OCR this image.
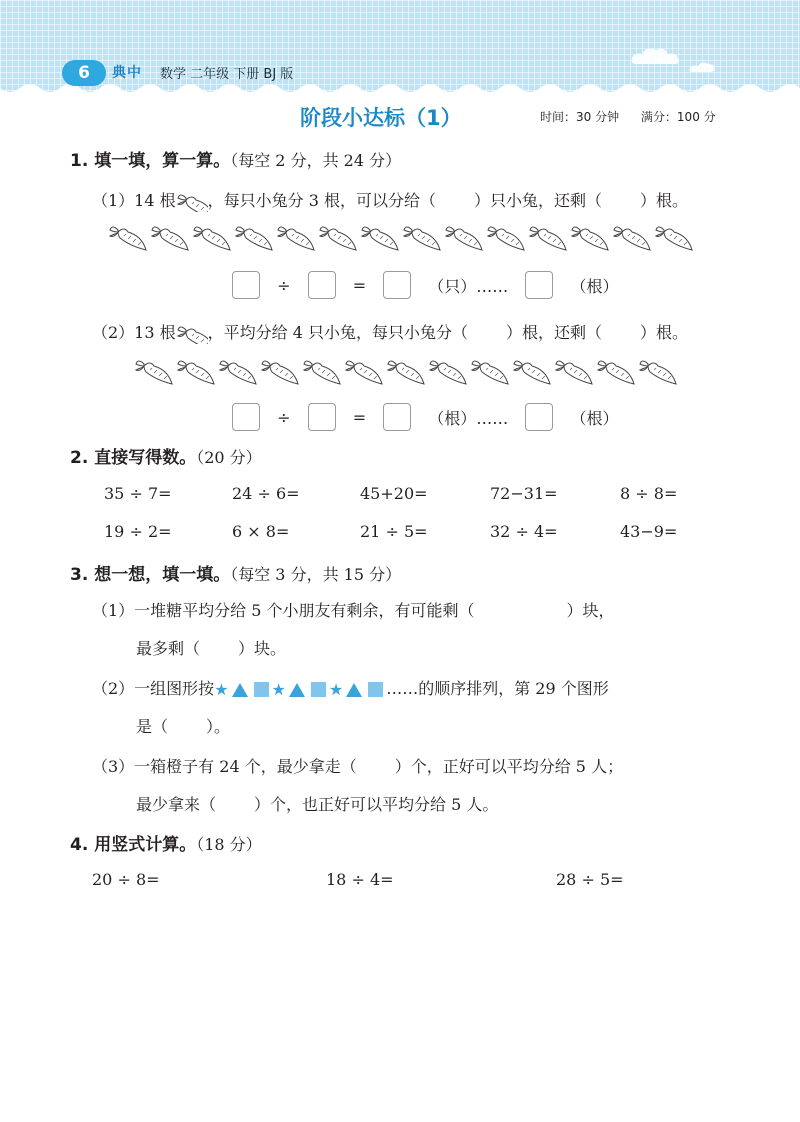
6	典中 数学 二年级 下册 BJ 版
阶段小达标（1）	时间：30 分钟 满分：100 分
1. 填一填，算一算。（每空 2 分，共 24 分）
（1）14 根 ，每只小兔分 3 根，可以分给（ ）只小兔，还剩（ ）根。
÷	=	（只）……	（根）
（2）13 根 ，平均分给 4 只小兔，每只小兔分（ ）根，还剩（ ）根。
÷	=	（根）……	（根）
2. 直接写得数。（20 分）
35 ÷ 7=	24 ÷ 6=	45+20=	72−31=	8 ÷ 8=
19 ÷ 2=	6 × 8=	21 ÷ 5=	32 ÷ 4=	43−9=
3. 想一想，填一填。（每空 3 分，共 15 分）
（1）一堆糖平均分给 5 个小朋友有剩余，有可能剩（	）块，
最多剩（ ）块。
（2）一组图形按★	★	★	……的顺序排列，第 29 个图形
是（ ）。
（3）一箱橙子有 24 个，最少拿走（ ）个，正好可以平均分给 5 人；
最少拿来（ ）个，也正好可以平均分给 5 人。
4. 用竖式计算。（18 分）
20 ÷ 8=	18 ÷ 4=	28 ÷ 5=
